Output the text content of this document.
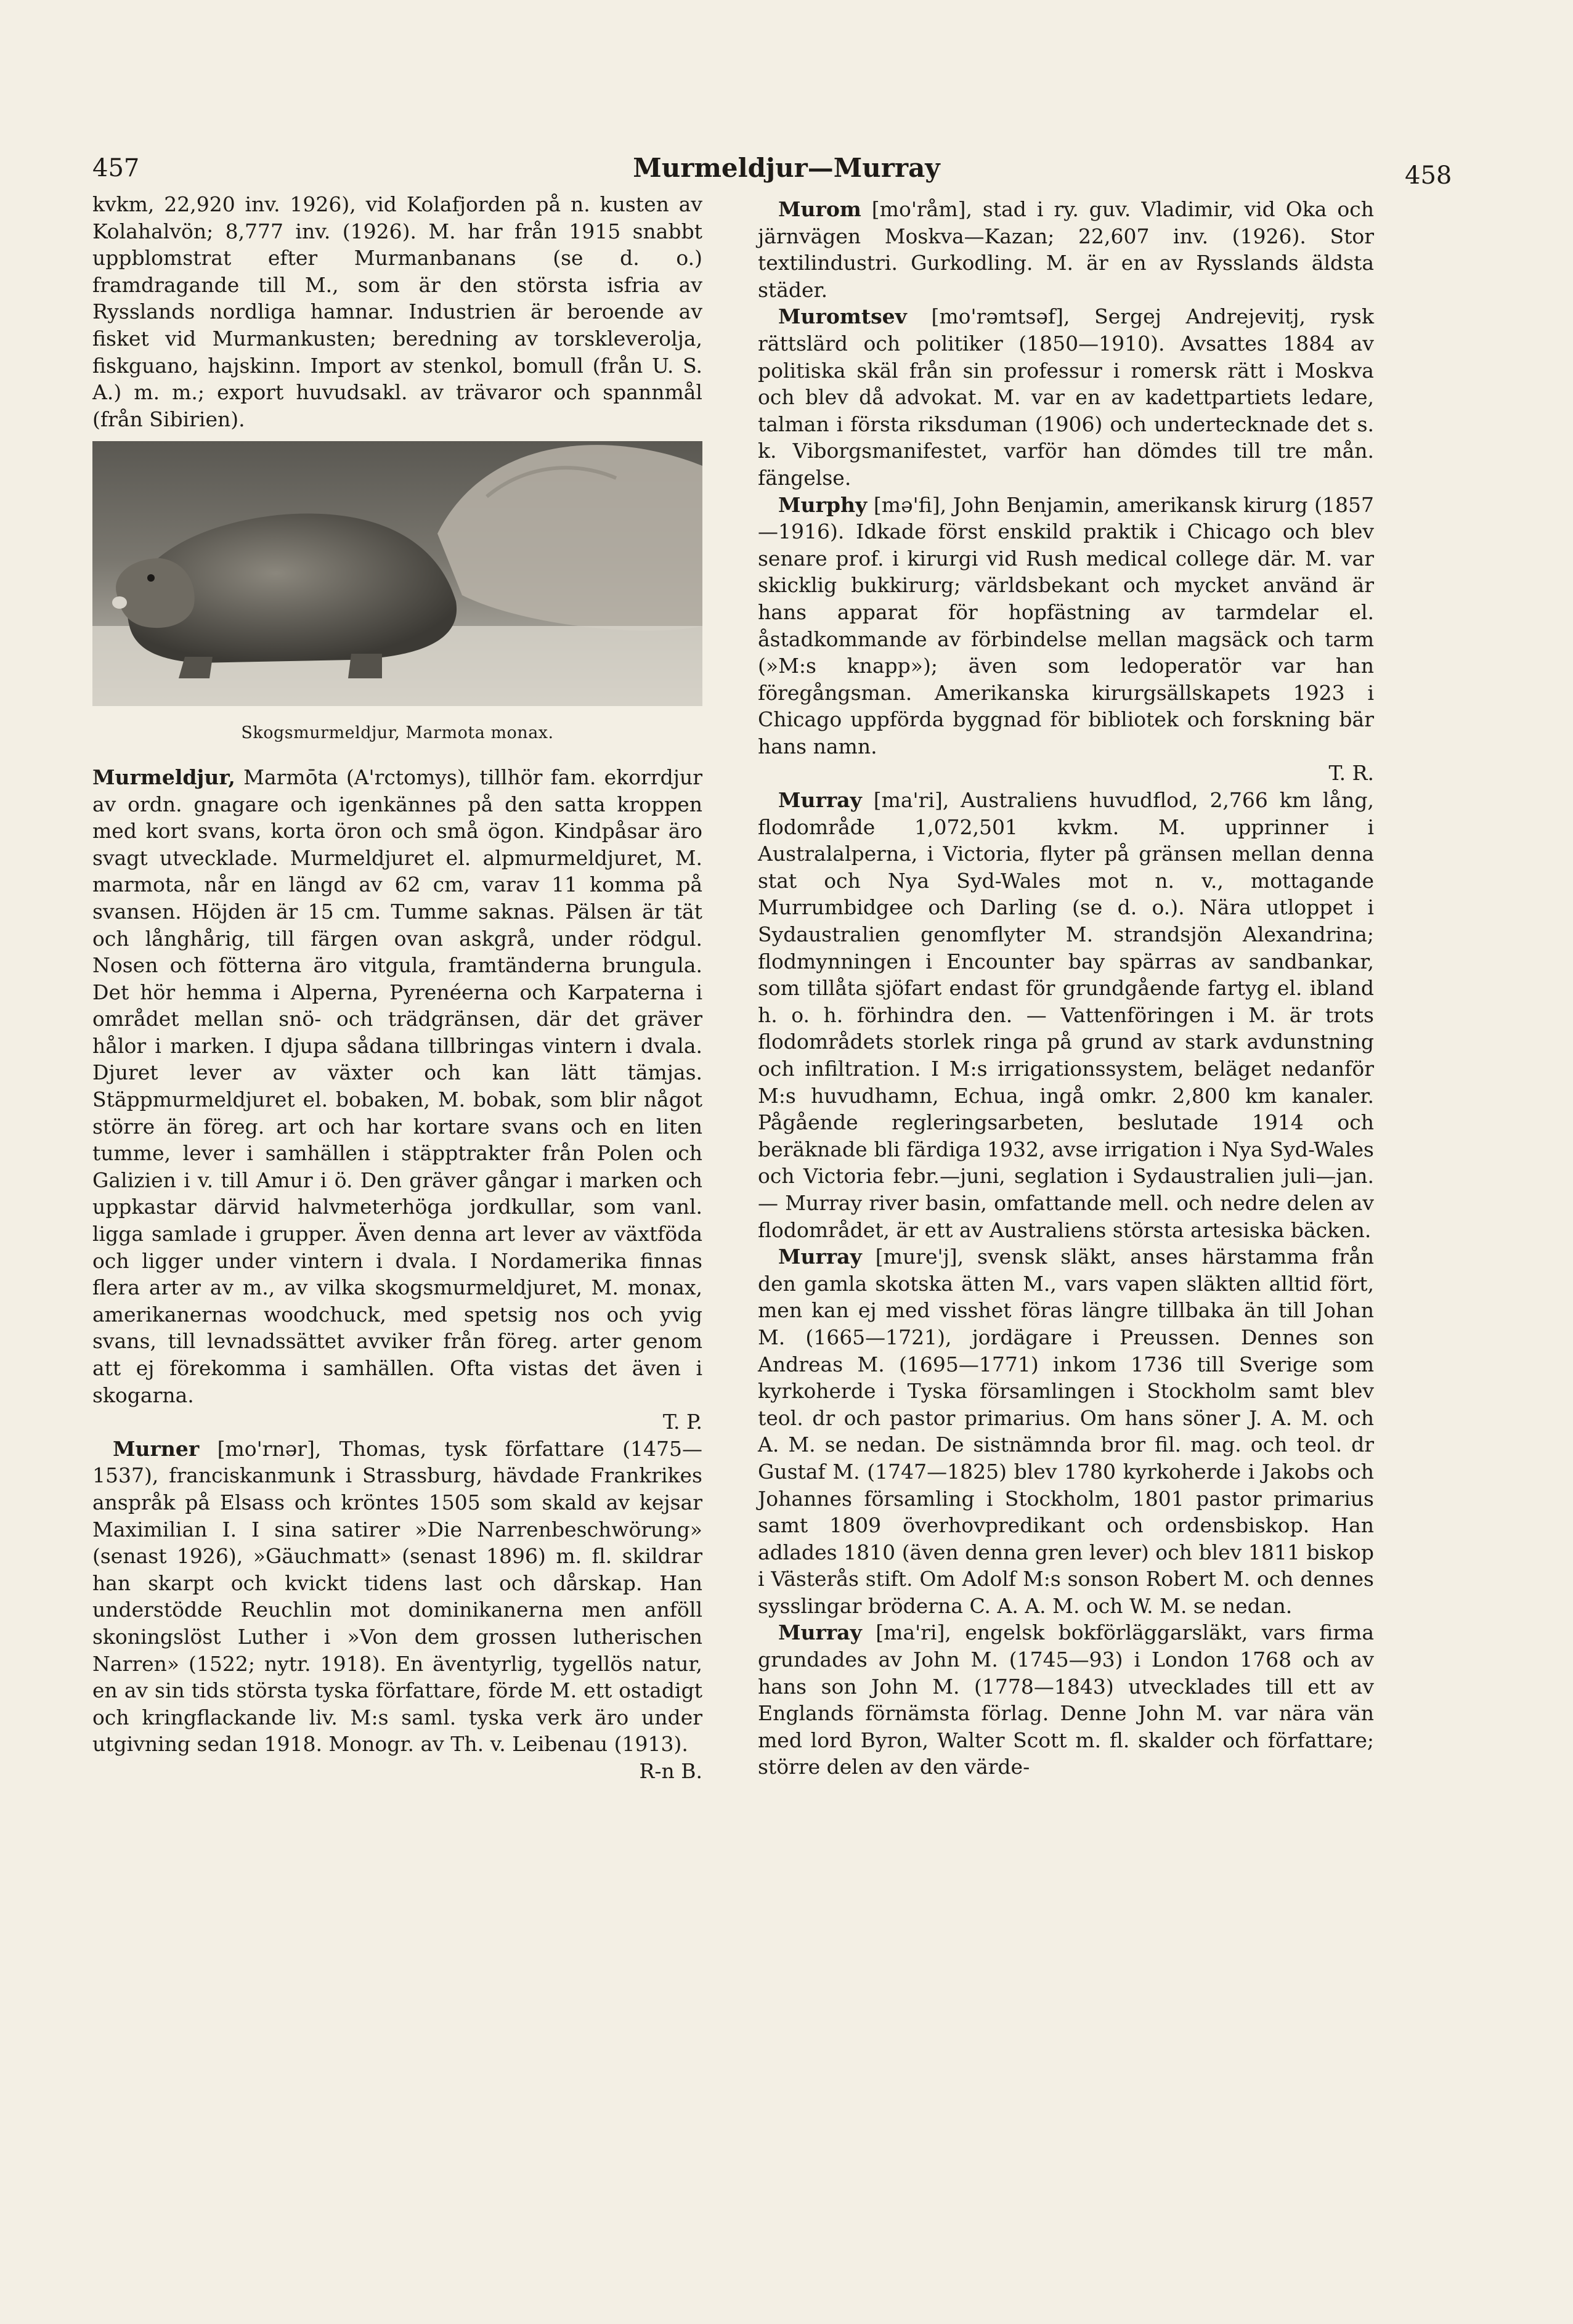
457	Murmeldjur—Murray	458

kvkm, 22,920 inv. 1926), vid Kolafjorden på n. kusten av Kolahalvön; 8,777 inv. (1926). M. har från 1915 snabbt uppblomstrat efter Murmanbanans (se d. o.) framdragande till M., som är den största isfria av Rysslands nordliga hamnar. Industrien är beroende av fisket vid Murmankusten; beredning av torskleverolja, fiskguano, hajskinn. Import av stenkol, bomull (från U. S. A.) m. m.; export huvudsakl. av trävaror och spannmål (från Sibirien).

Skogsmurmeldjur, Marmota monax.

Murmeldjur, Marmōta (A'rctomys), tillhör fam. ekorrdjur av ordn. gnagare och igenkännes på den satta kroppen med kort svans, korta öron och små ögon. Kindpåsar äro svagt utvecklade. Murmeldjuret el. alpmurmeldjuret, M. marmota, når en längd av 62 cm, varav 11 komma på svansen. Höjden är 15 cm. Tumme saknas. Pälsen är tät och långhårig, till färgen ovan askgrå, under rödgul. Nosen och fötterna äro vitgula, framtänderna brungula. Det hör hemma i Alperna, Pyrenéerna och Karpaterna i området mellan snö- och trädgränsen, där det gräver hålor i marken. I djupa sådana tillbringas vintern i dvala. Djuret lever av växter och kan lätt tämjas. Stäppmurmeldjuret el. bobaken, M. bobak, som blir något större än föreg. art och har kortare svans och en liten tumme, lever i samhällen i stäpptrakter från Polen och Galizien i v. till Amur i ö. Den gräver gångar i marken och uppkastar därvid halvmeterhöga jordkullar, som vanl. ligga samlade i grupper. Även denna art lever av växtföda och ligger under vintern i dvala. I Nordamerika finnas flera arter av m., av vilka skogsmurmeldjuret, M. monax, amerikanernas woodchuck, med spetsig nos och yvig svans, till levnadssättet avviker från föreg. arter genom att ej förekomma i samhällen. Ofta vistas det även i skogarna.
T. P.

Murner [mo'rnər], Thomas, tysk författare (1475—1537), franciskanmunk i Strassburg, hävdade Frankrikes anspråk på Elsass och kröntes 1505 som skald av kejsar Maximilian I. I sina satirer »Die Narrenbeschwörung» (senast 1926), »Gäuchmatt» (senast 1896) m. fl. skildrar han skarpt och kvickt tidens last och dårskap. Han understödde Reuchlin mot dominikanerna men anföll skoningslöst Luther i »Von dem grossen lutherischen Narren» (1522; nytr. 1918). En äventyrlig, tygellös natur, en av sin tids största tyska författare, förde M. ett ostadigt och kringflackande liv. M:s saml. tyska verk äro under utgivning sedan 1918. Monogr. av Th. v. Leibenau (1913).
R-n B.

Murom [mo'råm], stad i ry. guv. Vladimir, vid Oka och järnvägen Moskva—Kazan; 22,607 inv. (1926). Stor textilindustri. Gurkodling. M. är en av Rysslands äldsta städer.

Muromtsev [mo'rəmtsəf], Sergej Andrejevitj, rysk rättslärd och politiker (1850—1910). Avsattes 1884 av politiska skäl från sin professur i romersk rätt i Moskva och blev då advokat. M. var en av kadettpartiets ledare, talman i första riksduman (1906) och undertecknade det s. k. Viborgsmanifestet, varför han dömdes till tre mån. fängelse.

Murphy [mə'fi], John Benjamin, amerikansk kirurg (1857—1916). Idkade först enskild praktik i Chicago och blev senare prof. i kirurgi vid Rush medical college där. M. var skicklig bukkirurg; världsbekant och mycket använd är hans apparat för hopfästning av tarmdelar el. åstadkommande av förbindelse mellan magsäck och tarm (»M:s knapp»); även som ledoperatör var han föregångsman. Amerikanska kirurgsällskapets 1923 i Chicago uppförda byggnad för bibliotek och forskning bär hans namn.
T. R.

Murray [ma'ri], Australiens huvudflod, 2,766 km lång, flodområde 1,072,501 kvkm. M. upprinner i Australalperna, i Victoria, flyter på gränsen mellan denna stat och Nya Syd-Wales mot n. v., mottagande Murrumbidgee och Darling (se d. o.). Nära utloppet i Sydaustralien genomflyter M. strandsjön Alexandrina; flodmynningen i Encounter bay spärras av sandbankar, som tillåta sjöfart endast för grundgående fartyg el. ibland h. o. h. förhindra den. — Vattenföringen i M. är trots flodområdets storlek ringa på grund av stark avdunstning och infiltration. I M:s irrigationssystem, beläget nedanför M:s huvudhamn, Echua, ingå omkr. 2,800 km kanaler. Pågående regleringsarbeten, beslutade 1914 och beräknade bli färdiga 1932, avse irrigation i Nya Syd-Wales och Victoria febr.—juni, seglation i Sydaustralien juli—jan. — Murray river basin, omfattande mell. och nedre delen av flodområdet, är ett av Australiens största artesiska bäcken.

Murray [mure'j], svensk släkt, anses härstamma från den gamla skotska ätten M., vars vapen släkten alltid fört, men kan ej med visshet föras längre tillbaka än till Johan M. (1665—1721), jordägare i Preussen. Dennes son Andreas M. (1695—1771) inkom 1736 till Sverige som kyrkoherde i Tyska församlingen i Stockholm samt blev teol. dr och pastor primarius. Om hans söner J. A. M. och A. M. se nedan. De sistnämnda bror fil. mag. och teol. dr Gustaf M. (1747—1825) blev 1780 kyrkoherde i Jakobs och Johannes församling i Stockholm, 1801 pastor primarius samt 1809 överhovpredikant och ordensbiskop. Han adlades 1810 (även denna gren lever) och blev 1811 biskop i Västerås stift. Om Adolf M:s sonson Robert M. och dennes sysslingar bröderna C. A. A. M. och W. M. se nedan.

Murray [ma'ri], engelsk bokförläggarsläkt, vars firma grundades av John M. (1745—93) i London 1768 och av hans son John M. (1778—1843) utvecklades till ett av Englands förnämsta förlag. Denne John M. var nära vän med lord Byron, Walter Scott m. fl. skalder och författare; större delen av den värde-
